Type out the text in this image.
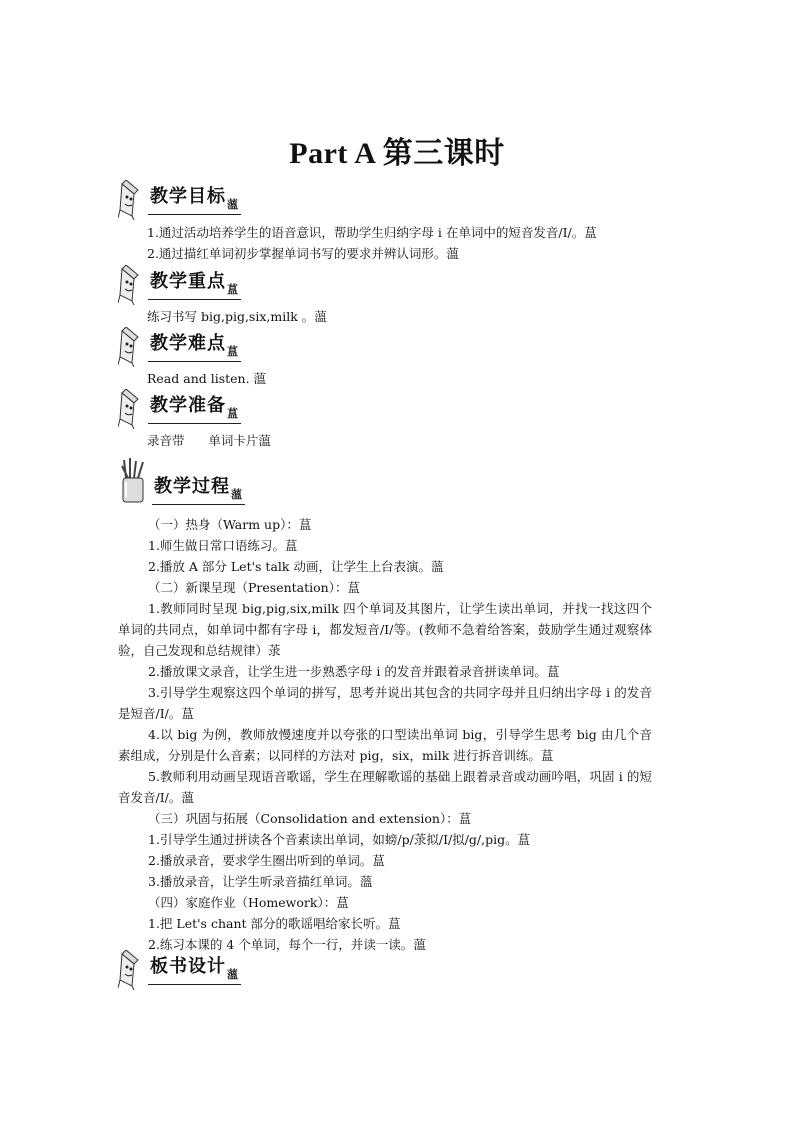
Part A 第三课时
教学目标$_薀$
1.通过活动培养学生的语音意识，帮助学生归纳字母 i 在单词中的短音发音/Ι/。蒀
2.通过描红单词初步掌握单词书写的要求并辨认词形。薀
教学重点$_蒀$
练习书写 big,pig,six,milk 。薀
教学难点$_蒀$
Read and listen. 薀
教学准备$_蒀$
录音带      单词卡片薀
教学过程$_薀$
（一）热身（Warm up）：蒀
1.师生做日常口语练习。蒀
2.播放 A 部分 Let's talk 动画，让学生上台表演。薀
（二）新课呈现（Presentation）：蒀
1.教师同时呈现 big,pig,six,milk 四个单词及其图片，让学生读出单词，并找一找这四个单词的共同点，如单词中都有字母 i，都发短音/Ι/等。(教师不急着给答案，鼓励学生通过观察体验，自己发现和总结规律）莍
2.播放课文录音，让学生进一步熟悉字母 i 的发音并跟着录音拼读单词。蒀
3.引导学生观察这四个单词的拼写，思考并说出其包含的共同字母并且归纳出字母 i 的发音是短音/Ι/。蒀
4.以 big 为例，教师放慢速度并以夸张的口型读出单词 big，引导学生思考 big 由几个音素组成，分别是什么音素；以同样的方法对 pig，six，milk 进行拆音训练。蒀
5.教师利用动画呈现语音歌谣，学生在理解歌谣的基础上跟着录音或动画吟唱，巩固 i 的短音发音/Ι/。薀
（三）巩固与拓展（Consolidation and extension）：蒀
1.引导学生通过拼读各个音素读出单词，如螃/p/莍拟/Ι/拟/g/,pig。蒀
2.播放录音，要求学生圈出听到的单词。蒀
3.播放录音，让学生听录音描红单词。薀
（四）家庭作业（Homework）：蒀
1.把 Let's chant 部分的歌谣唱给家长听。蒀
2.练习本课的 4 个单词，每个一行，并读一读。薀
板书设计$_薀$
